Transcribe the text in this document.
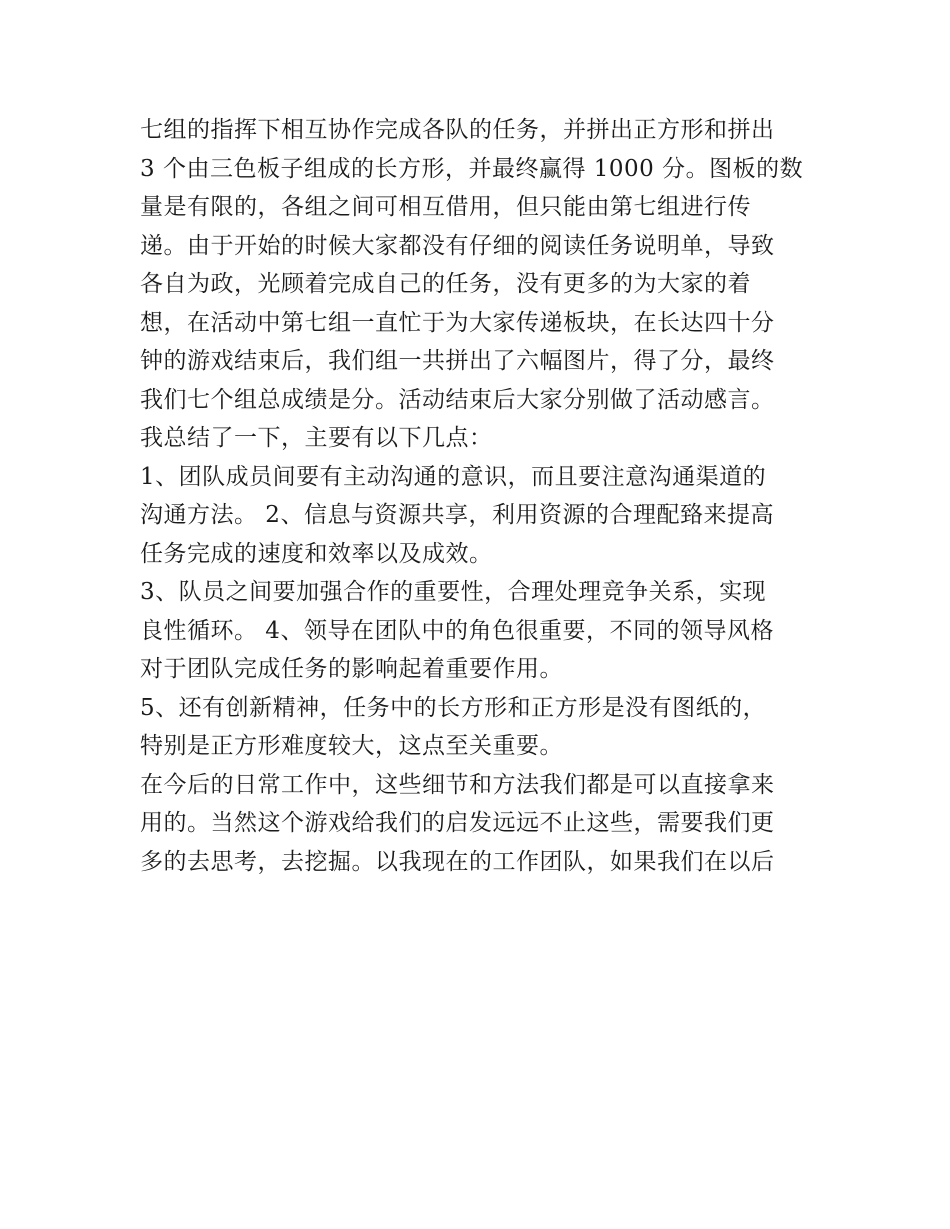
七组的指挥下相互协作完成各队的任务，并拼出正方形和拼出
3 个由三色板子组成的长方形，并最终赢得 1000 分。图板的数
量是有限的，各组之间可相互借用，但只能由第七组进行传
递。由于开始的时候大家都没有仔细的阅读任务说明单，导致
各自为政，光顾着完成自己的任务，没有更多的为大家的着
想，在活动中第七组一直忙于为大家传递板块，在长达四十分
钟的游戏结束后，我们组一共拼出了六幅图片，得了分，最终
我们七个组总成绩是分。活动结束后大家分别做了活动感言。
我总结了一下，主要有以下几点：
1、团队成员间要有主动沟通的意识，而且要注意沟通渠道的
沟通方法。 2、信息与资源共享，利用资源的合理配臵来提高
任务完成的速度和效率以及成效。
3、队员之间要加强合作的重要性，合理处理竞争关系，实现
良性循环。 4、领导在团队中的角色很重要，不同的领导风格
对于团队完成任务的影响起着重要作用。
5、还有创新精神，任务中的长方形和正方形是没有图纸的，
特别是正方形难度较大，这点至关重要。
在今后的日常工作中，这些细节和方法我们都是可以直接拿来
用的。当然这个游戏给我们的启发远远不止这些，需要我们更
多的去思考，去挖掘。以我现在的工作团队，如果我们在以后
